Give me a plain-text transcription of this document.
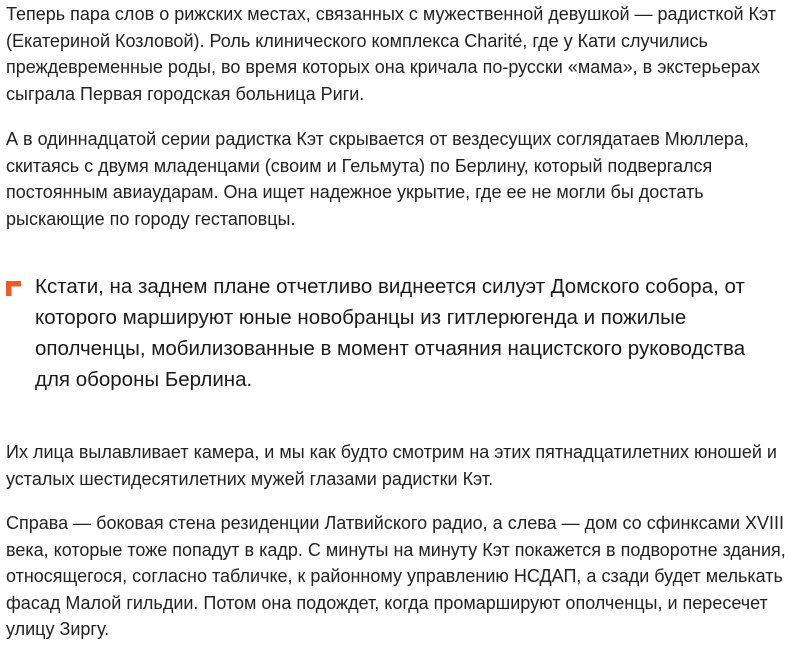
Теперь пара слов о рижских местах, связанных с мужественной девушкой — радисткой Кэт
(Екатериной Козловой). Роль клинического комплекса Charité, где у Кати случились
преждевременные роды, во время которых она кричала по-русски «мама», в экстерьерах
сыграла Первая городская больница Риги.

А в одиннадцатой серии радистка Кэт скрывается от вездесущих соглядатаев Мюллера,
скитаясь с двумя младенцами (своим и Гельмута) по Берлину, который подвергался
постоянным авиаударам. Она ищет надежное укрытие, где ее не могли бы достать
рыскающие по городу гестаповцы.

Кстати, на заднем плане отчетливо виднеется силуэт Домского собора, от
которого маршируют юные новобранцы из гитлерюгенда и пожилые
ополченцы, мобилизованные в момент отчаяния нацистского руководства
для обороны Берлина.

Их лица вылавливает камера, и мы как будто смотрим на этих пятнадцатилетних юношей и
усталых шестидесятилетних мужей глазами радистки Кэт.

Справа — боковая стена резиденции Латвийского радио, а слева — дом со сфинксами XVIII
века, которые тоже попадут в кадр. С минуты на минуту Кэт покажется в подворотне здания,
относящегося, согласно табличке, к районному управлению НСДАП, а сзади будет мелькать
фасад Малой гильдии. Потом она подождет, когда промаршируют ополченцы, и пересечет
улицу Зиргу.
